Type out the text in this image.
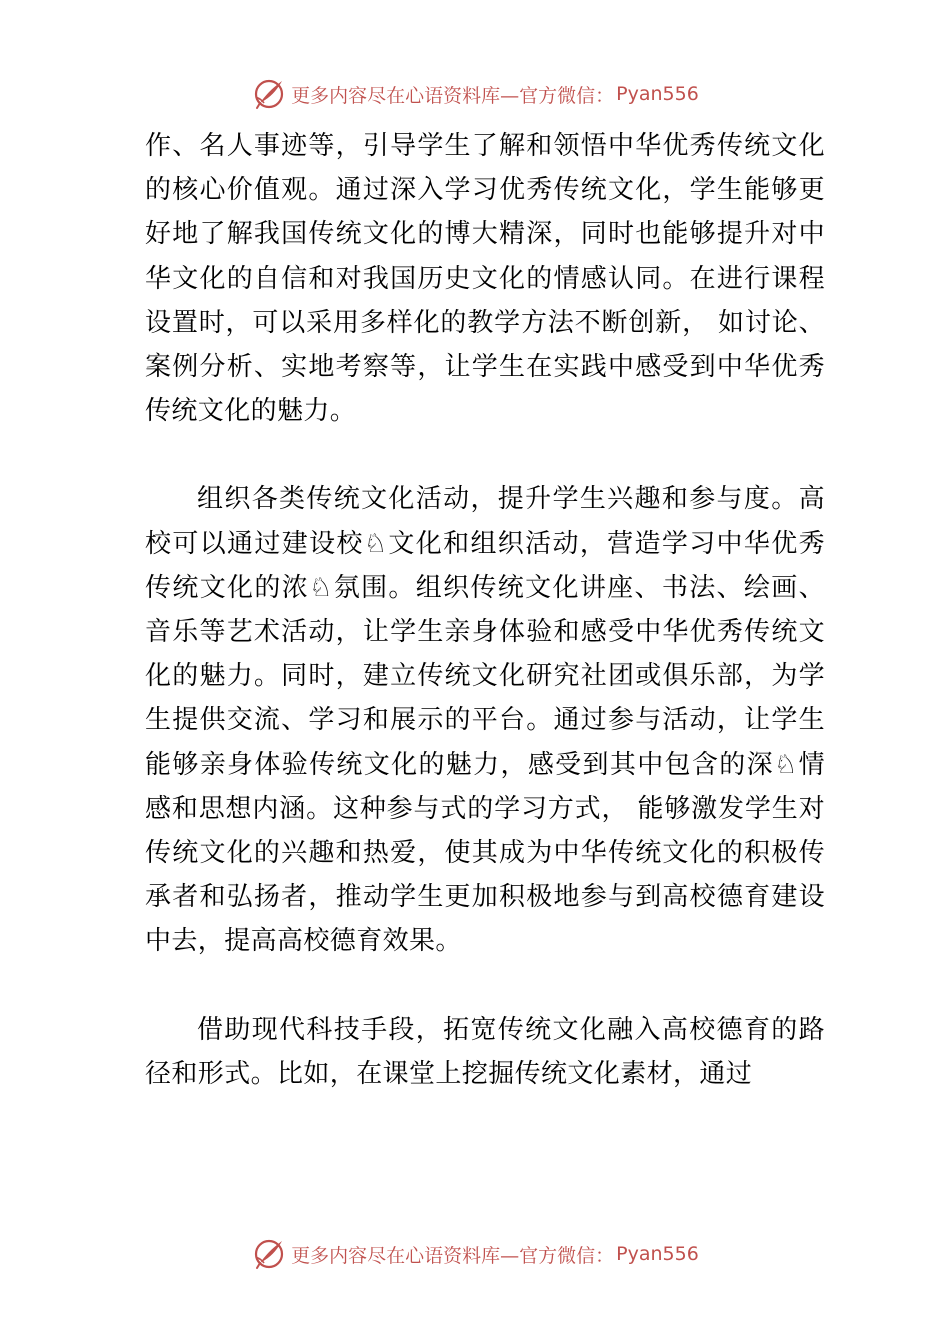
更多内容尽在心语资料库—官方微信： Pyan556

作、名人事迹等，引导学生了解和领悟中华优秀传统文化的核心价值观。通过深入学习优秀传统文化，学生能够更好地了解我国传统文化的博大精深，同时也能够提升对中华文化的自信和对我国历史文化的情感认同。在进行课程设置时，可以采用多样化的教学方法不断创新， 如讨论、案例分析、实地考察等，让学生在实践中感受到中华优秀传统文化的魅力。

组织各类传统文化活动，提升学生兴趣和参与度。高校可以通过建设校♘文化和组织活动，营造学习中华优秀传统文化的浓♘氛围。组织传统文化讲座、书法、绘画、音乐等艺术活动，让学生亲身体验和感受中华优秀传统文化的魅力。同时，建立传统文化研究社团或俱乐部，为学生提供交流、学习和展示的平台。通过参与活动，让学生能够亲身体验传统文化的魅力，感受到其中包含的深♘情感和思想内涵。这种参与式的学习方式， 能够激发学生对传统文化的兴趣和热爱，使其成为中华传统文化的积极传承者和弘扬者，推动学生更加积极地参与到高校德育建设中去，提高高校德育效果。

借助现代科技手段，拓宽传统文化融入高校德育的路径和形式。比如，在课堂上挖掘传统文化素材，通过

更多内容尽在心语资料库—官方微信： Pyan556
